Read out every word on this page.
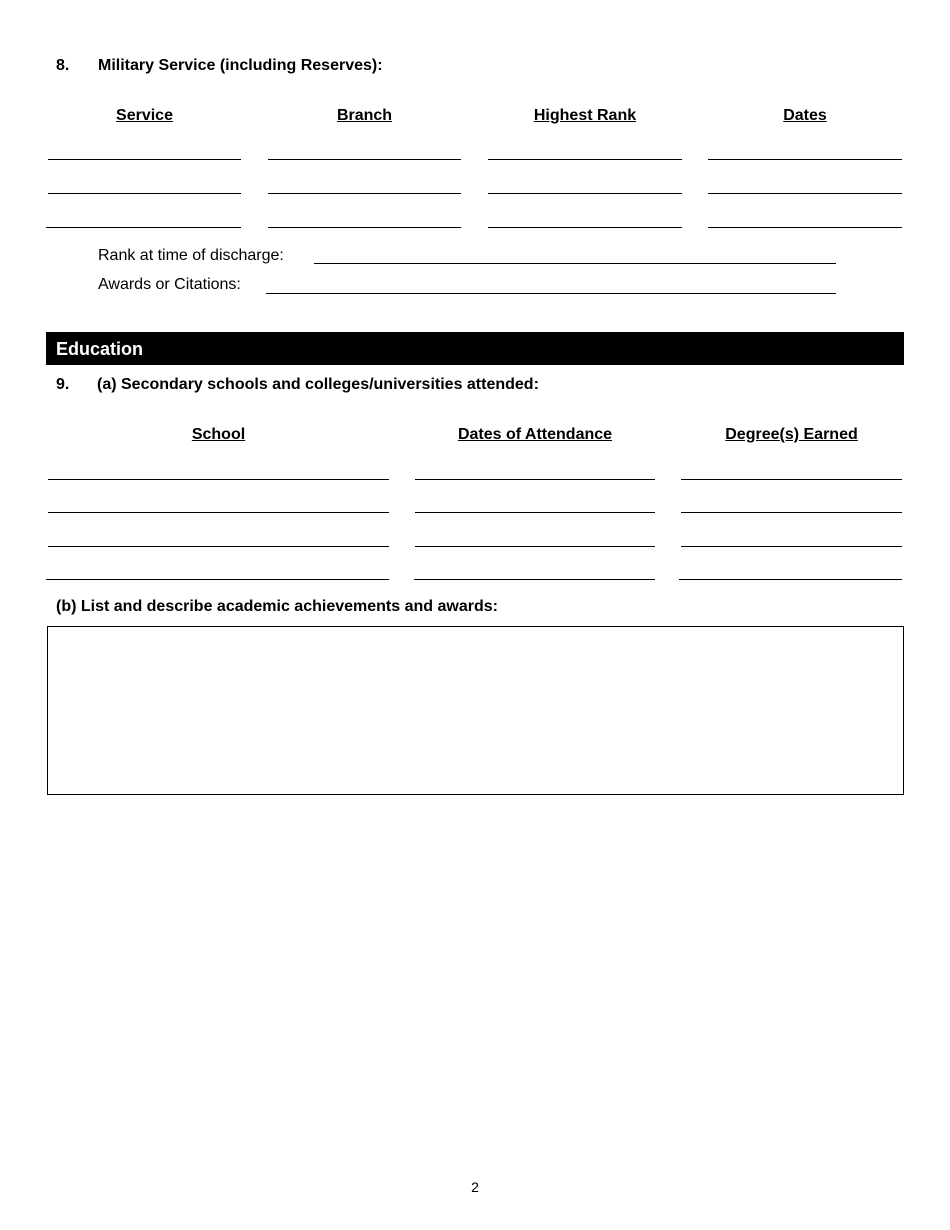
8. Military Service (including Reserves):
Service	Branch	Highest Rank	Dates
Rank at time of discharge:
Awards or Citations:
Education
9. (a) Secondary schools and colleges/universities attended:
School	Dates of Attendance	Degree(s) Earned
(b) List and describe academic achievements and awards:
2
